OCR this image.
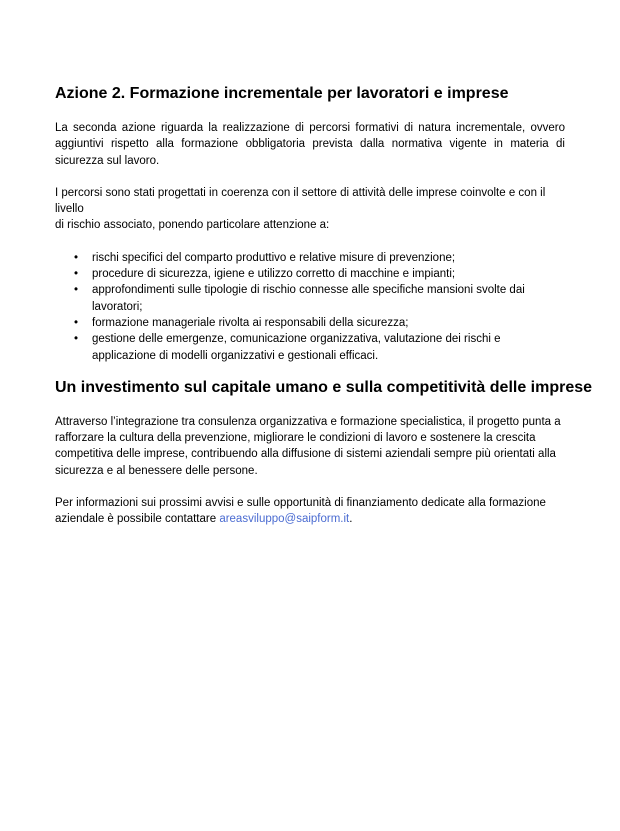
Azione 2. Formazione incrementale per lavoratori e imprese

La seconda azione riguarda la realizzazione di percorsi formativi di natura incrementale, ovvero aggiuntivi rispetto alla formazione obbligatoria prevista dalla normativa vigente in materia di sicurezza sul lavoro.

I percorsi sono stati progettati in coerenza con il settore di attività delle imprese coinvolte e con il livello
di rischio associato, ponendo particolare attenzione a:

• rischi specifici del comparto produttivo e relative misure di prevenzione;
• procedure di sicurezza, igiene e utilizzo corretto di macchine e impianti;
• approfondimenti sulle tipologie di rischio connesse alle specifiche mansioni svolte dai lavoratori;
• formazione manageriale rivolta ai responsabili della sicurezza;
• gestione delle emergenze, comunicazione organizzativa, valutazione dei rischi e applicazione di modelli organizzativi e gestionali efficaci.
Un investimento sul capitale umano e sulla competitività delle imprese

Attraverso l’integrazione tra consulenza organizzativa e formazione specialistica, il progetto punta a
rafforzare la cultura della prevenzione, migliorare le condizioni di lavoro e sostenere la crescita
competitiva delle imprese, contribuendo alla diffusione di sistemi aziendali sempre più orientati alla
sicurezza e al benessere delle persone.

Per informazioni sui prossimi avvisi e sulle opportunità di finanziamento dedicate alla formazione
aziendale è possibile contattare areasviluppo@saipform.it.
